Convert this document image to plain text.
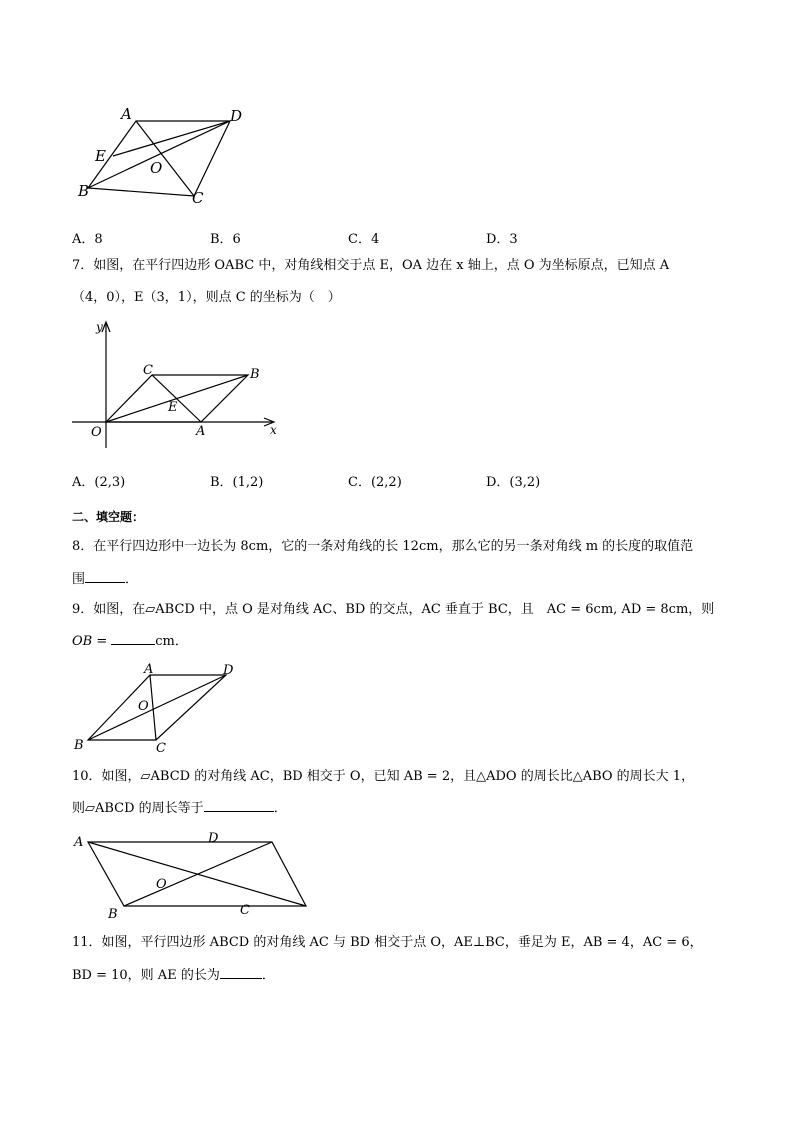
A	D
E
O
B	C
A．8	B．6	C．4	D．3
7．如图，在平行四边形 OABC 中，对角线相交于点 E，OA 边在 x 轴上，点 O 为坐标原点，已知点 A
（4，0），E（3，1），则点 C 的坐标为（　）
y
x
O	A
B
C
E
A．(2,3)	B．(1,2)	C．(2,2)	D．(3,2)
二、填空题：
8．在平行四边形中一边长为 8cm，它的一条对角线的长 12cm，那么它的另一条对角线 m 的长度的取值范
围	．
9．如图，在▱ABCD 中，点 O 是对角线 AC、BD 的交点，AC 垂直于 BC，且　AC = 6cm, AD = 8cm，则
OB =	cm．
A	D
O
B	C
10．如图，▱ABCD 的对角线 AC，BD 相交于 O，已知 AB = 2，且△ADO 的周长比△ABO 的周长大 1，
则▱ABCD 的周长等于	．
A	D
O
B	C
11．如图，平行四边形 ABCD 的对角线 AC 与 BD 相交于点 O，AE⊥BC，垂足为 E，AB = 4，AC = 6，
BD = 10，则 AE 的长为	．
